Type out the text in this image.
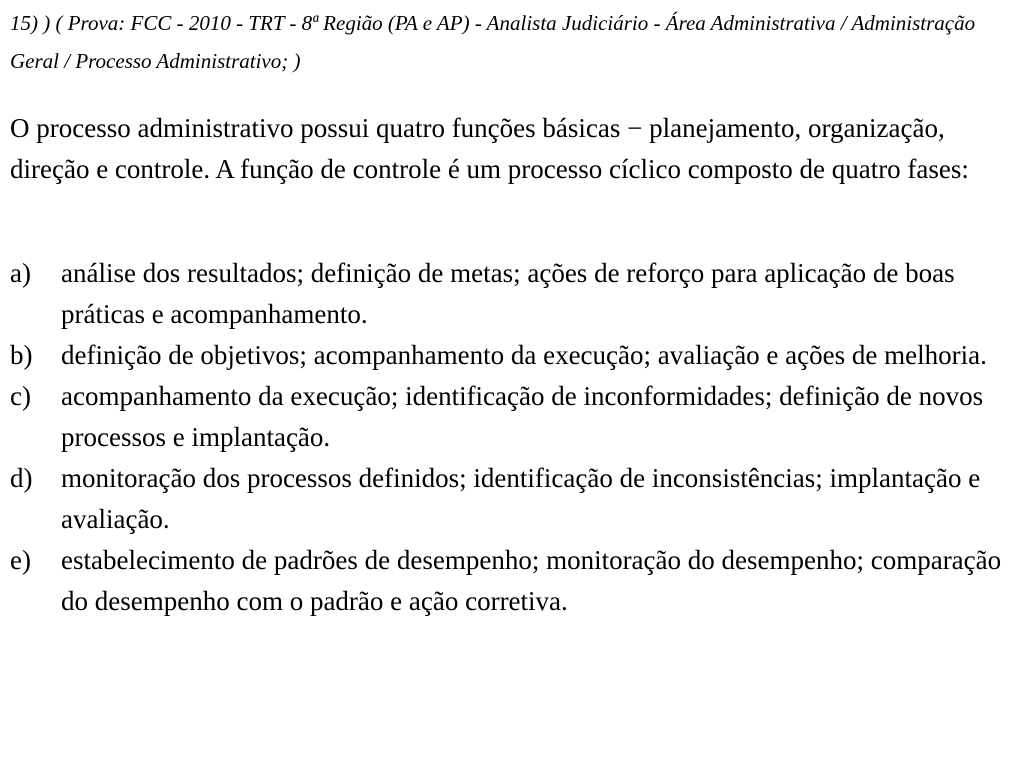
15) ) ( Prova: FCC - 2010 - TRT - 8ª Região (PA e AP) - Analista Judiciário - Área Administrativa / Administração Geral / Processo Administrativo; )
O processo administrativo possui quatro funções básicas − planejamento, organização, direção e controle. A função de controle é um processo cíclico composto de quatro fases:
a)	análise dos resultados; definição de metas; ações de reforço para aplicação de boas práticas e acompanhamento.
b)	definição de objetivos; acompanhamento da execução; avaliação e ações de melhoria.
c)	acompanhamento da execução; identificação de inconformidades; definição de novos processos e implantação.
d)	monitoração dos processos definidos; identificação de inconsistências; implantação e avaliação.
e)	estabelecimento de padrões de desempenho; monitoração do desempenho; comparação do desempenho com o padrão e ação corretiva.
